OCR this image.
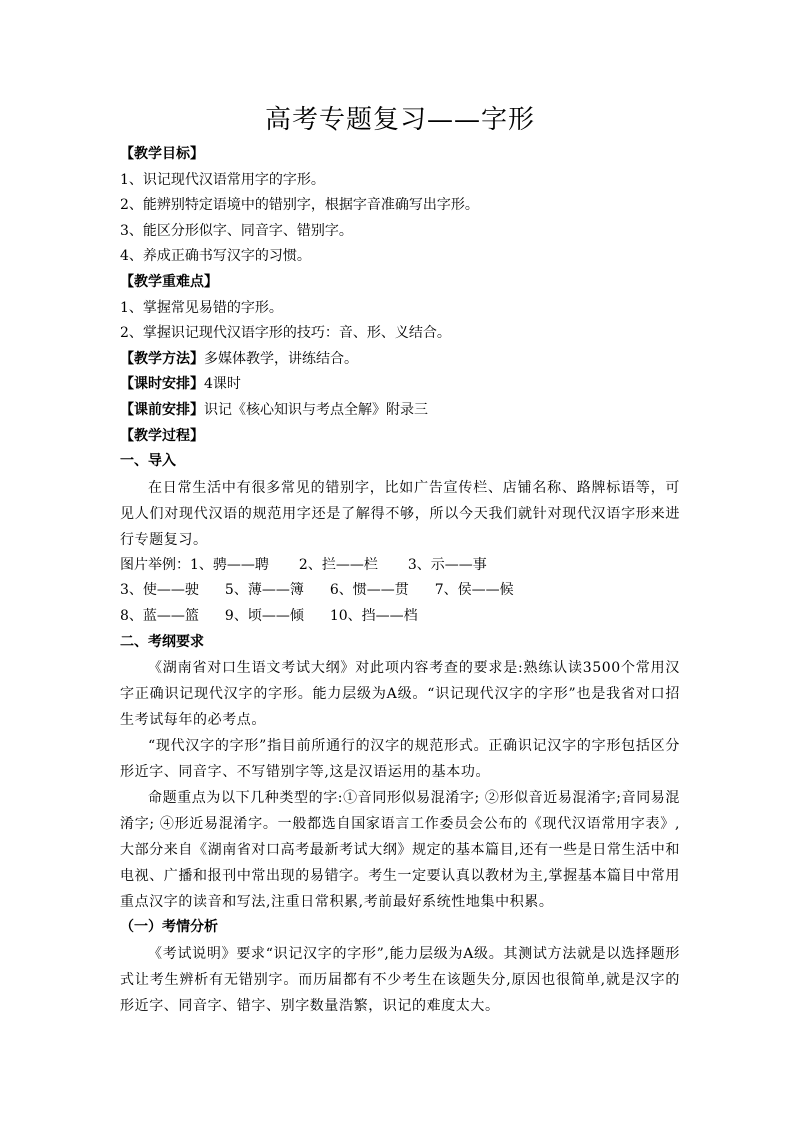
高考专题复习——字形

【教学目标】

1、识记现代汉语常用字的字形。

2、能辨别特定语境中的错别字，根据字音准确写出字形。

3、能区分形似字、同音字、错别字。

4、养成正确书写汉字的习惯。

【教学重难点】

1、掌握常见易错的字形。

2、掌握识记现代汉语字形的技巧：音、形、义结合。

【教学方法】多媒体教学，讲练结合。

【课时安排】4课时

【课前安排】识记《核心知识与考点全解》附录三

【教学过程】

一、导入

在日常生活中有很多常见的错别字，比如广告宣传栏、店铺名称、路牌标语等，可见人们对现代汉语的规范用字还是了解得不够，所以今天我们就针对现代汉语字形来进行专题复习。

图片举例：1、骋——聘 2、拦——栏 3、示——事

3、使——驶 5、薄——簿 6、惯——贯 7、侯——候

8、蓝——篮 9、顷——倾 10、挡——档

二、考纲要求

《湖南省对口生语文考试大纲》对此项内容考查的要求是:熟练认读3500个常用汉字正确识记现代汉字的字形。能力层级为A级。“识记现代汉字的字形”也是我省对口招生考试每年的必考点。

“现代汉字的字形”指目前所通行的汉字的规范形式。正确识记汉字的字形包括区分形近字、同音字、不写错别字等,这是汉语运用的基本功。

命题重点为以下几种类型的字:①音同形似易混淆字; ②形似音近易混淆字;音同易混淆字; ④形近易混淆字。一般都选自国家语言工作委员会公布的《现代汉语常用字表》,大部分来自《湖南省对口高考最新考试大纲》规定的基本篇目,还有一些是日常生活中和电视、广播和报刊中常出现的易错字。考生一定要认真以教材为主,掌握基本篇目中常用重点汉字的读音和写法,注重日常积累,考前最好系统性地集中积累。

（一）考情分析

《考试说明》要求“识记汉字的字形”,能力层级为A级。其测试方法就是以选择题形式让考生辨析有无错别字。而历届都有不少考生在该题失分,原因也很简单,就是汉字的形近字、同音字、错字、别字数量浩繁，识记的难度太大。
